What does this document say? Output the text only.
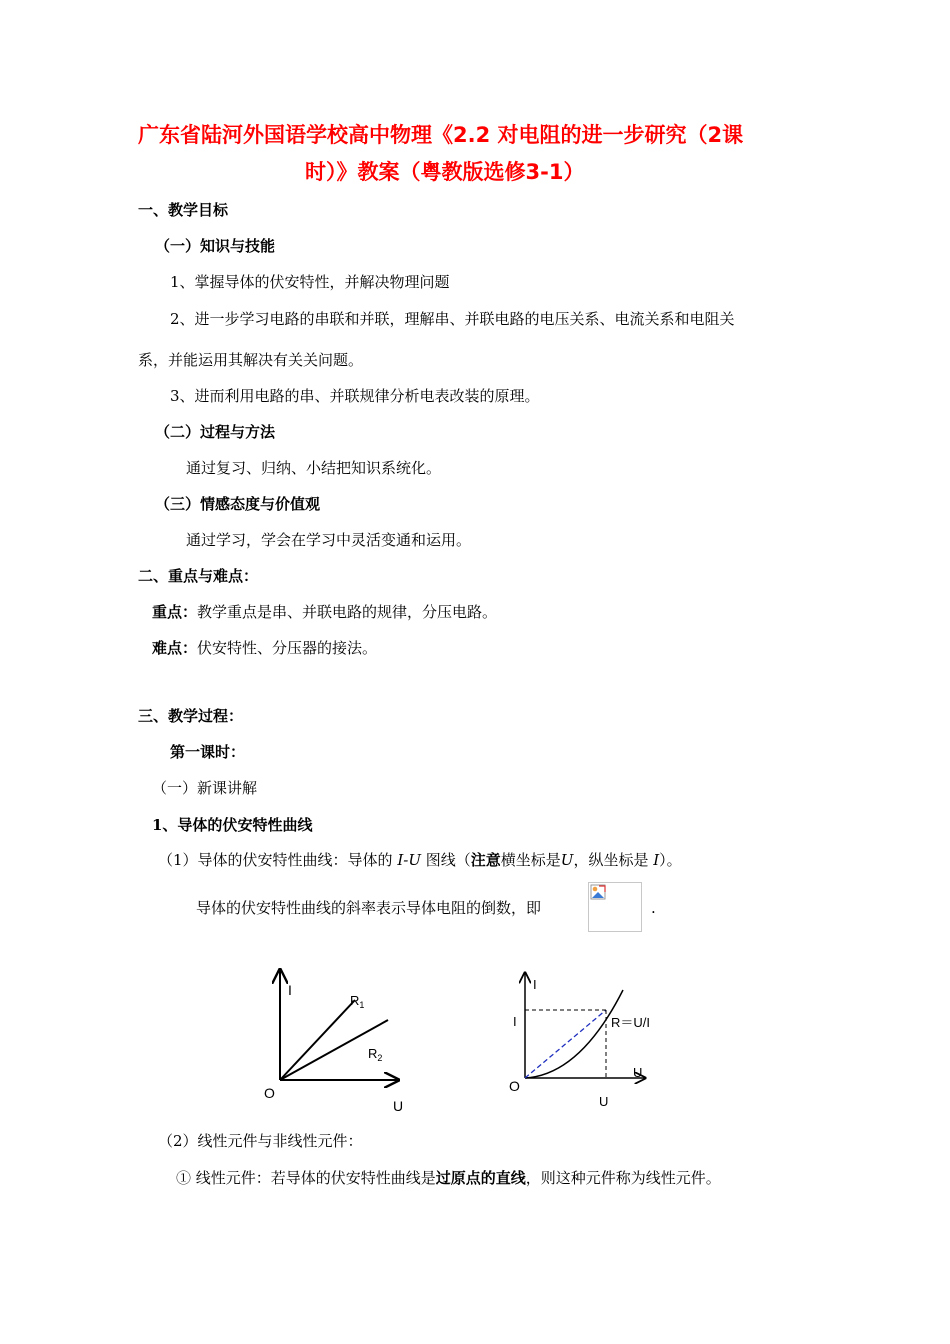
广东省陆河外国语学校高中物理《2.2 对电阻的进一步研究（2课
时）》教案（粤教版选修3-1）
一、教学目标
（一）知识与技能
1、掌握导体的伏安特性，并解决物理问题
2、进一步学习电路的串联和并联，理解串、并联电路的电压关系、电流关系和电阻关
系，并能运用其解决有关关问题。
3、进而利用电路的串、并联规律分析电表改装的原理。
（二）过程与方法
通过复习、归纳、小结把知识系统化。
（三）情感态度与价值观
通过学习，学会在学习中灵活变通和运用。
二、重点与难点：
重点：教学重点是串、并联电路的规律，分压电路。
难点：伏安特性、分压器的接法。
三、教学过程：
第一课时：
（一）新课讲解
1、导体的伏安特性曲线
（1）导体的伏安特性曲线：导体的 I-U 图线（注意横坐标是U，纵坐标是 I）。
导体的伏安特性曲线的斜率表示导体电阻的倒数，即	.
I
$R_1$
$R_2$
O
U
I
I	R＝U/I
O
U
U
（2）线性元件与非线性元件：
① 线性元件：若导体的伏安特性曲线是过原点的直线，则这种元件称为线性元件。
